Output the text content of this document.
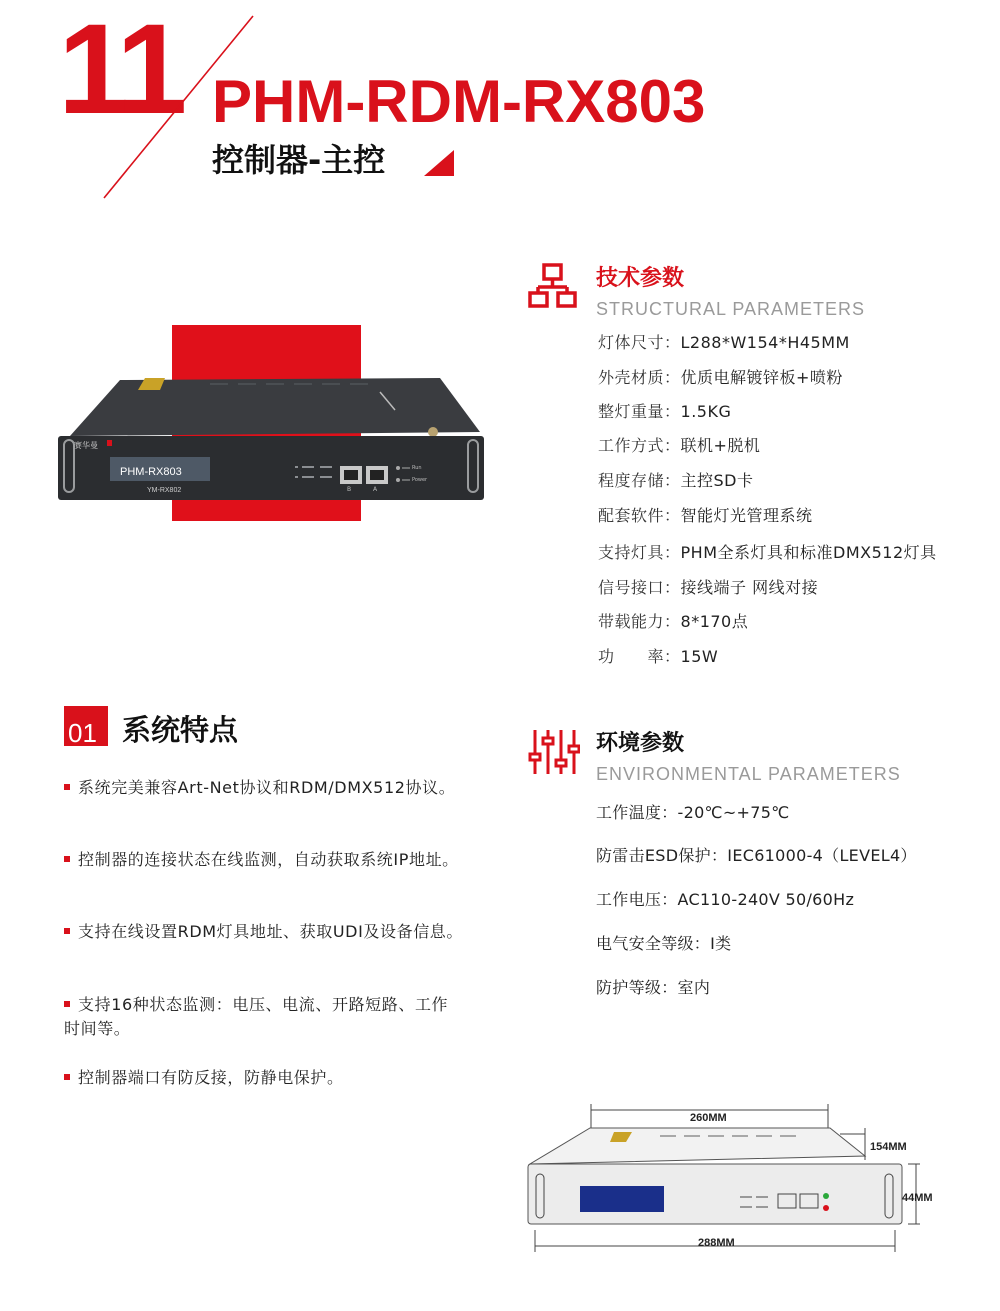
11 PHM-RDM-RX803
控制器-主控
赛华曼
PHM-RX803
YM-RX802	B	A
Run
Power
技术参数
STRUCTURAL PARAMETERS
灯体尺寸：L288*W154*H45MM
外壳材质：优质电解镀锌板+喷粉
整灯重量：1.5KG
工作方式：联机+脱机
程度存储：主控SD卡
配套软件：智能灯光管理系统
支持灯具：PHM全系灯具和标准DMX512灯具
信号接口：接线端子 网线对接
带载能力：8*170点
功　　率：15W
01 系统特点
系统完美兼容Art-Net协议和RDM/DMX512协议。
控制器的连接状态在线监测，自动获取系统IP地址。
支持在线设置RDM灯具地址、获取UDI及设备信息。
支持16种状态监测：电压、电流、开路短路、工作时间等。
控制器端口有防反接，防静电保护。
环境参数
ENVIRONMENTAL PARAMETERS
工作温度：-20℃~+75℃
防雷击ESD保护：IEC61000-4（LEVEL4）
工作电压：AC110-240V 50/60Hz
电气安全等级：I类
防护等级：室内
260MM
154MM
44MM
288MM
